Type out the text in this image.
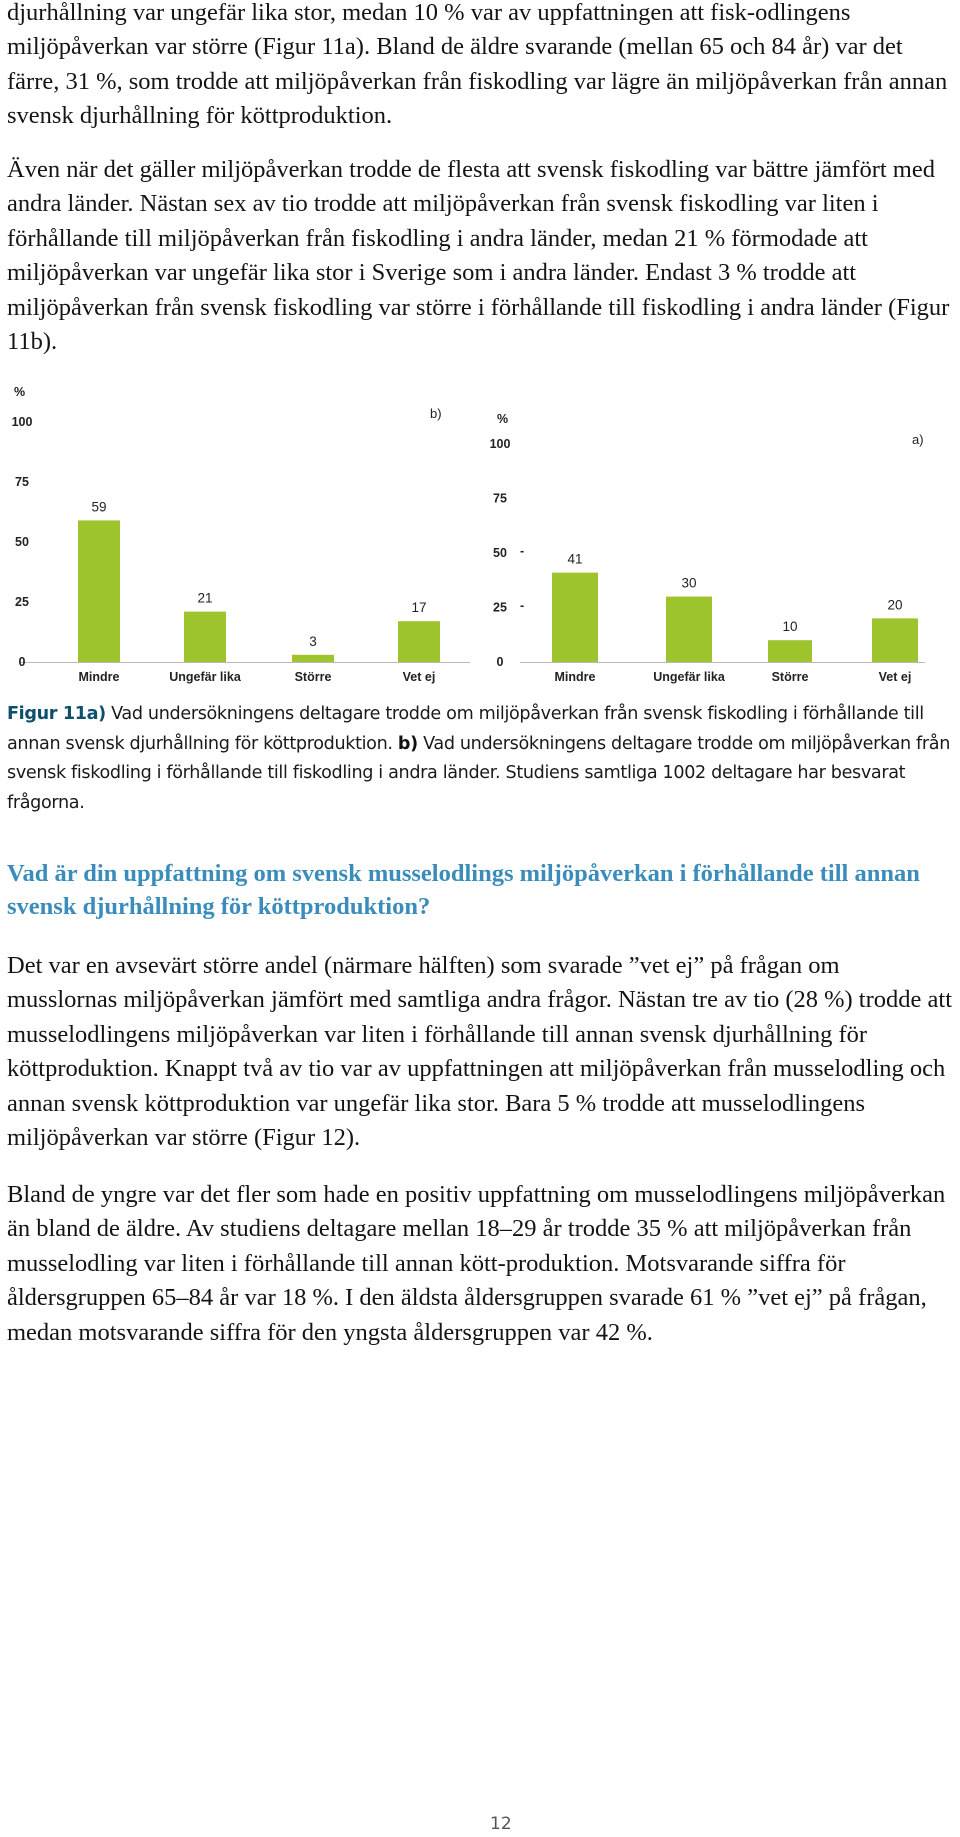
djurhållning var ungefär lika stor, medan 10 % var av uppfattningen att fisk-odlingens miljöpåverkan var större (Figur 11a). Bland de äldre svarande (mellan 65 och 84 år) var det färre, 31 %, som trodde att miljöpåverkan från fiskodling var lägre än miljöpåverkan från annan svensk djurhållning för köttproduktion.

Även när det gäller miljöpåverkan trodde de flesta att svensk fiskodling var bättre jämfört med andra länder. Nästan sex av tio trodde att miljöpåverkan från svensk fiskodling var liten i förhållande till miljöpåverkan från fiskodling i andra länder, medan 21 % förmodade att miljöpåverkan var ungefär lika stor i Sverige som i andra länder. Endast 3 % trodde att miljöpåverkan från svensk fiskodling var större i förhållande till fiskodling i andra länder (Figur 11b).

%
0
25
50
75
100
b)
59
Mindre
21
Ungefär lika
3
Större
17
Vet ej
%
0
25 -
50 -
75
100	a)
41
Mindre
30
Ungefär lika
10
Större
20
Vet ej

Figur 11a) Vad undersökningens deltagare trodde om miljöpåverkan från svensk fiskodling i förhållande till annan svensk djurhållning för köttproduktion. b) Vad undersökningens deltagare trodde om miljöpåverkan från svensk fiskodling i förhållande till fiskodling i andra länder. Studiens samtliga 1002 deltagare har besvarat frågorna.

Vad är din uppfattning om svensk musselodlings miljöpåverkan i förhållande till annan svensk djurhållning för köttproduktion?

Det var en avsevärt större andel (närmare hälften) som svarade ”vet ej” på frågan om musslornas miljöpåverkan jämfört med samtliga andra frågor. Nästan tre av tio (28 %) trodde att musselodlingens miljöpåverkan var liten i förhållande till annan svensk djurhållning för köttproduktion. Knappt två av tio var av uppfattningen att miljöpåverkan från musselodling och annan svensk köttproduktion var ungefär lika stor. Bara 5 % trodde att musselodlingens miljöpåverkan var större (Figur 12).

Bland de yngre var det fler som hade en positiv uppfattning om musselodlingens miljöpåverkan än bland de äldre. Av studiens deltagare mellan 18–29 år trodde 35 % att miljöpåverkan från musselodling var liten i förhållande till annan kött-produktion. Motsvarande siffra för åldersgruppen 65–84 år var 18 %. I den äldsta åldersgruppen svarade 61 % ”vet ej” på frågan, medan motsvarande siffra för den yngsta åldersgruppen var 42 %.

12
